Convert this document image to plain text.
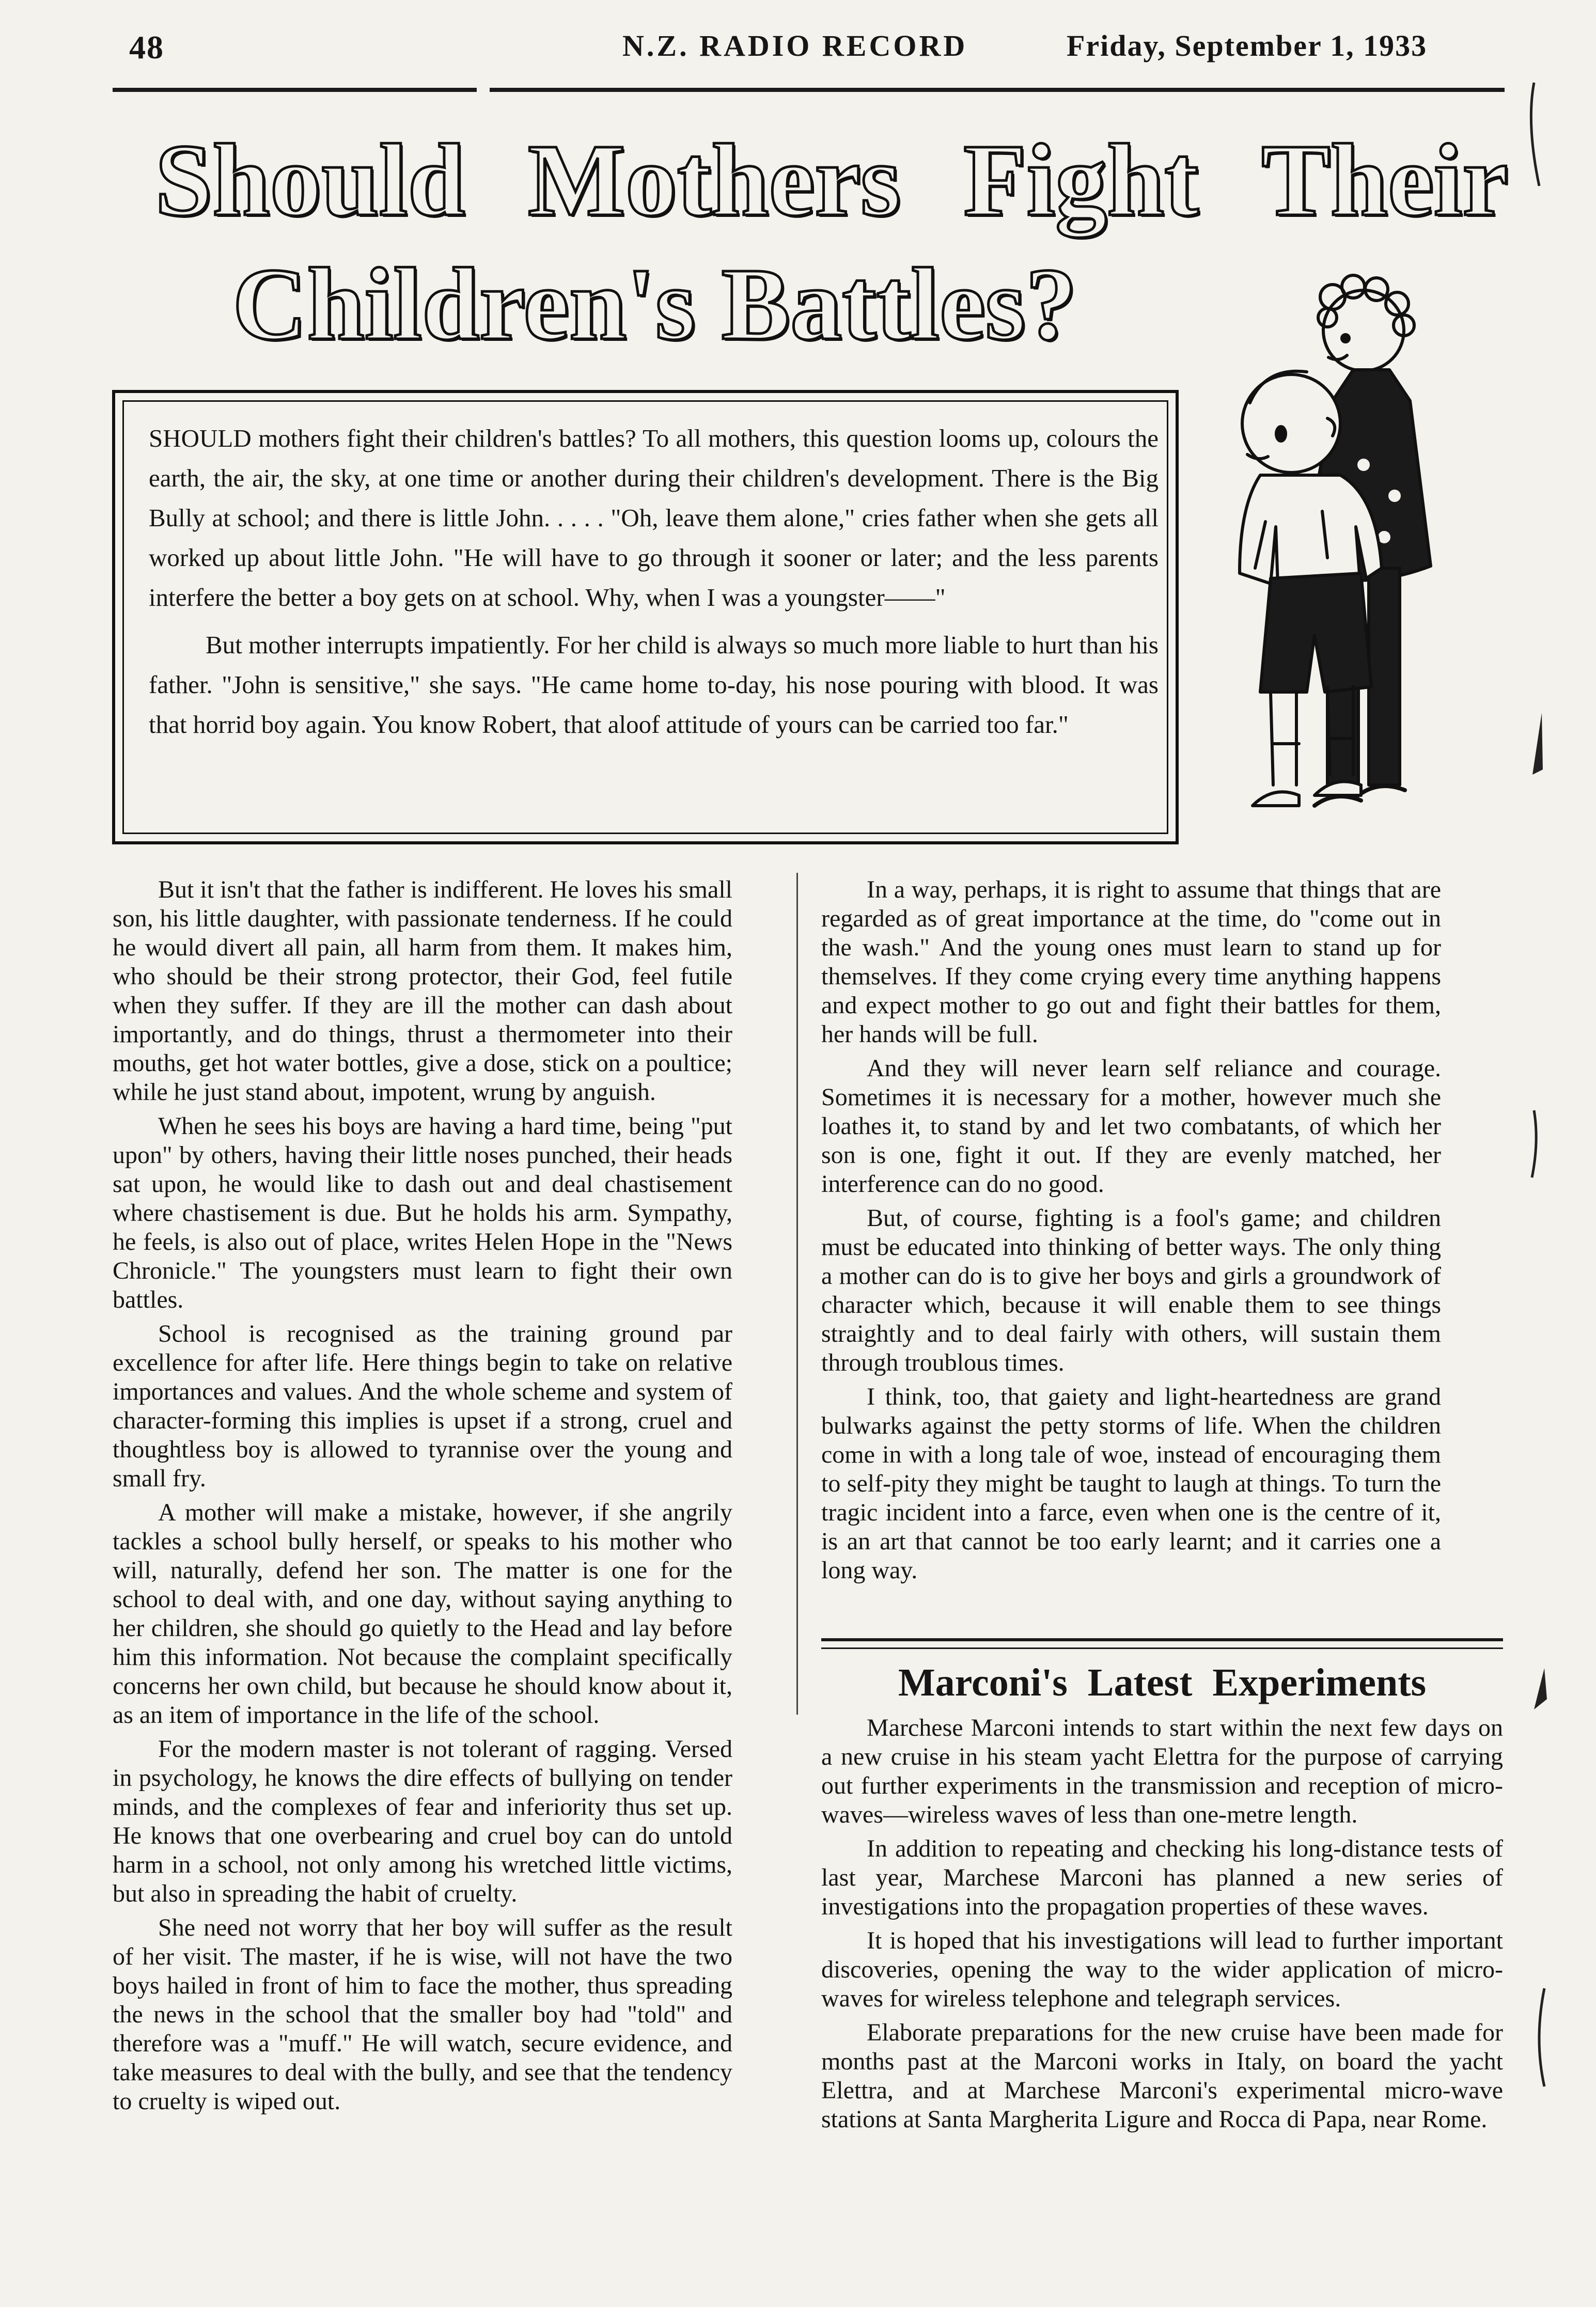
48	N.Z. RADIO RECORD	Friday, September 1, 1933
Should Mothers Fight Their
Children's Battles?

SHOULD mothers fight their children's battles? To all mothers, this question looms up, colours the earth, the air, the sky, at one time or another during their children's development. There is the Big Bully at school; and there is little John. . . . . "Oh, leave them alone," cries father when she gets all worked up about little John. "He will have to go through it sooner or later; and the less parents interfere the better a boy gets on at school. Why, when I was a youngster——"

But mother interrupts impatiently. For her child is always so much more liable to hurt than his father. "John is sensitive," she says. "He came home to-day, his nose pouring with blood. It was that horrid boy again. You know Robert, that aloof attitude of yours can be carried too far."

But it isn't that the father is indifferent. He loves his small son, his little daughter, with passionate tenderness. If he could he would divert all pain, all harm from them. It makes him, who should be their strong protector, their God, feel futile when they suffer. If they are ill the mother can dash about importantly, and do things, thrust a thermometer into their mouths, get hot water bottles, give a dose, stick on a poultice; while he just stand about, impotent, wrung by anguish.

When he sees his boys are having a hard time, being "put upon" by others, having their little noses punched, their heads sat upon, he would like to dash out and deal chastisement where chastisement is due. But he holds his arm. Sympathy, he feels, is also out of place, writes Helen Hope in the "News Chronicle." The youngsters must learn to fight their own battles.

School is recognised as the training ground par excellence for after life. Here things begin to take on relative importances and values. And the whole scheme and system of character-forming this implies is upset if a strong, cruel and thoughtless boy is allowed to tyrannise over the young and small fry.

A mother will make a mistake, however, if she angrily tackles a school bully herself, or speaks to his mother who will, naturally, defend her son. The matter is one for the school to deal with, and one day, without saying anything to her children, she should go quietly to the Head and lay before him this information. Not because the complaint specifically concerns her own child, but because he should know about it, as an item of importance in the life of the school.

For the modern master is not tolerant of ragging. Versed in psychology, he knows the dire effects of bullying on tender minds, and the complexes of fear and inferiority thus set up. He knows that one overbearing and cruel boy can do untold harm in a school, not only among his wretched little victims, but also in spreading the habit of cruelty.

She need not worry that her boy will suffer as the result of her visit. The master, if he is wise, will not have the two boys hailed in front of him to face the mother, thus spreading the news in the school that the smaller boy had "told" and therefore was a "muff." He will watch, secure evidence, and take measures to deal with the bully, and see that the tendency to cruelty is wiped out.

In a way, perhaps, it is right to assume that things that are regarded as of great importance at the time, do "come out in the wash." And the young ones must learn to stand up for themselves. If they come crying every time anything happens and expect mother to go out and fight their battles for them, her hands will be full.

And they will never learn self reliance and courage. Sometimes it is necessary for a mother, however much she loathes it, to stand by and let two combatants, of which her son is one, fight it out. If they are evenly matched, her interference can do no good.

But, of course, fighting is a fool's game; and children must be educated into thinking of better ways. The only thing a mother can do is to give her boys and girls a groundwork of character which, because it will enable them to see things straightly and to deal fairly with others, will sustain them through troublous times.

I think, too, that gaiety and light-heartedness are grand bulwarks against the petty storms of life. When the children come in with a long tale of woe, instead of encouraging them to self-pity they might be taught to laugh at things. To turn the tragic incident into a farce, even when one is the centre of it, is an art that cannot be too early learnt; and it carries one a long way.

Marconi's Latest Experiments

Marchese Marconi intends to start within the next few days on a new cruise in his steam yacht Elettra for the purpose of carrying out further experiments in the transmission and reception of micro-waves—wireless waves of less than one-metre length.

In addition to repeating and checking his long-distance tests of last year, Marchese Marconi has planned a new series of investigations into the propagation properties of these waves.

It is hoped that his investigations will lead to further important discoveries, opening the way to the wider application of micro-waves for wireless telephone and telegraph services.

Elaborate preparations for the new cruise have been made for months past at the Marconi works in Italy, on board the yacht Elettra, and at Marchese Marconi's experimental micro-wave stations at Santa Margherita Ligure and Rocca di Papa, near Rome.
